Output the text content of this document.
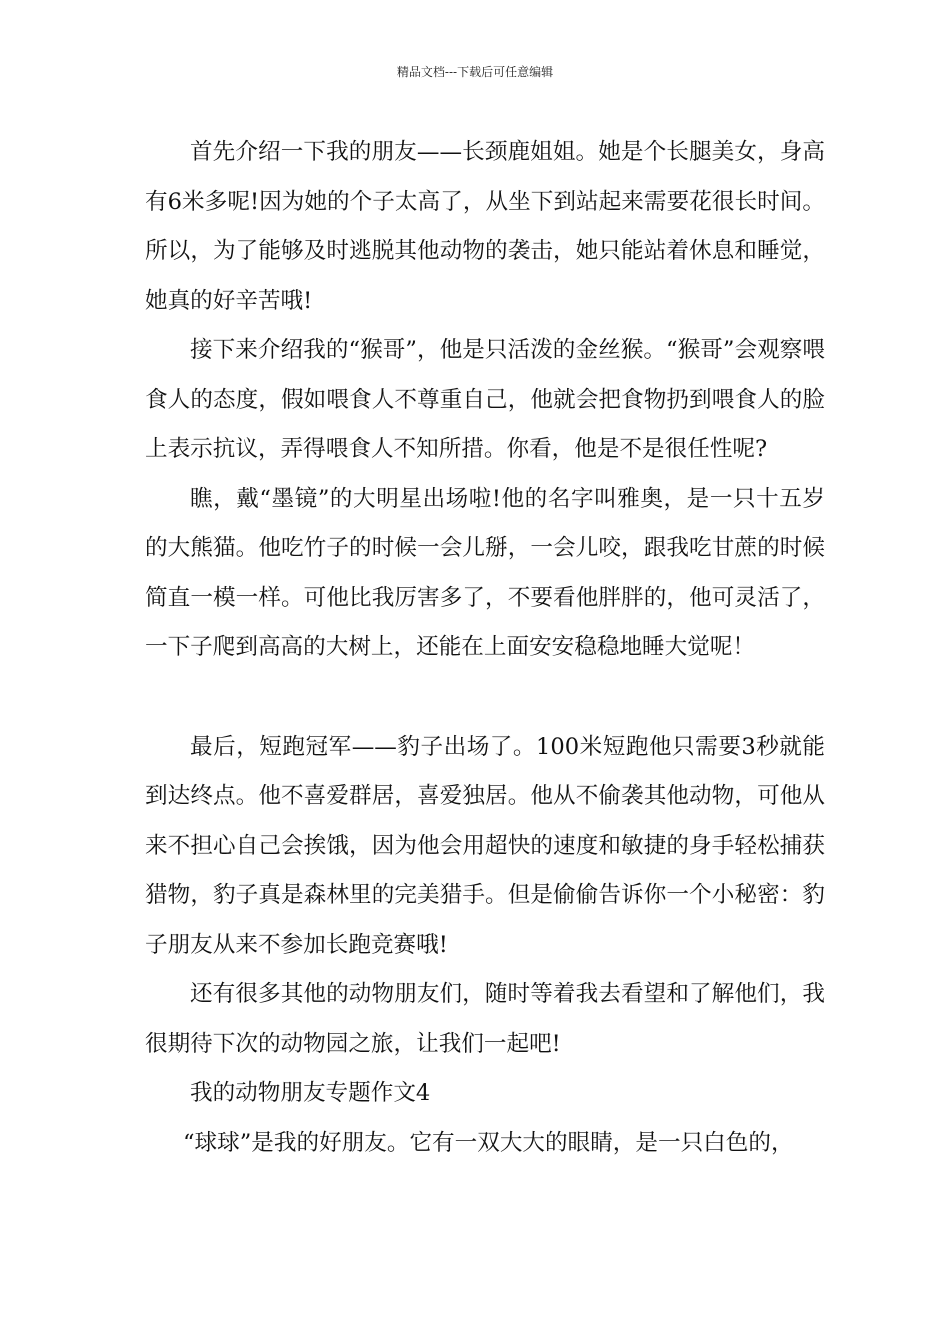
精品文档---下载后可任意编辑

首先介绍一下我的朋友——长颈鹿姐姐。她是个长腿美女，身高有6米多呢!因为她的个子太高了，从坐下到站起来需要花很长时间。所以，为了能够及时逃脱其他动物的袭击，她只能站着休息和睡觉，她真的好辛苦哦!

接下来介绍我的“猴哥”，他是只活泼的金丝猴。“猴哥”会观察喂食人的态度，假如喂食人不尊重自己，他就会把食物扔到喂食人的脸上表示抗议，弄得喂食人不知所措。你看，他是不是很任性呢?

瞧，戴“墨镜”的大明星出场啦!他的名字叫雅奥，是一只十五岁的大熊猫。他吃竹子的时候一会儿掰，一会儿咬，跟我吃甘蔗的时候简直一模一样。可他比我厉害多了，不要看他胖胖的，他可灵活了，一下子爬到高高的大树上，还能在上面安安稳稳地睡大觉呢！

最后，短跑冠军——豹子出场了。100米短跑他只需要3秒就能到达终点。他不喜爱群居，喜爱独居。他从不偷袭其他动物，可他从来不担心自己会挨饿，因为他会用超快的速度和敏捷的身手轻松捕获猎物，豹子真是森林里的完美猎手。但是偷偷告诉你一个小秘密：豹子朋友从来不参加长跑竞赛哦!

还有很多其他的动物朋友们，随时等着我去看望和了解他们，我很期待下次的动物园之旅，让我们一起吧!

我的动物朋友专题作文4

“球球”是我的好朋友。它有一双大大的眼睛，是一只白色的，
